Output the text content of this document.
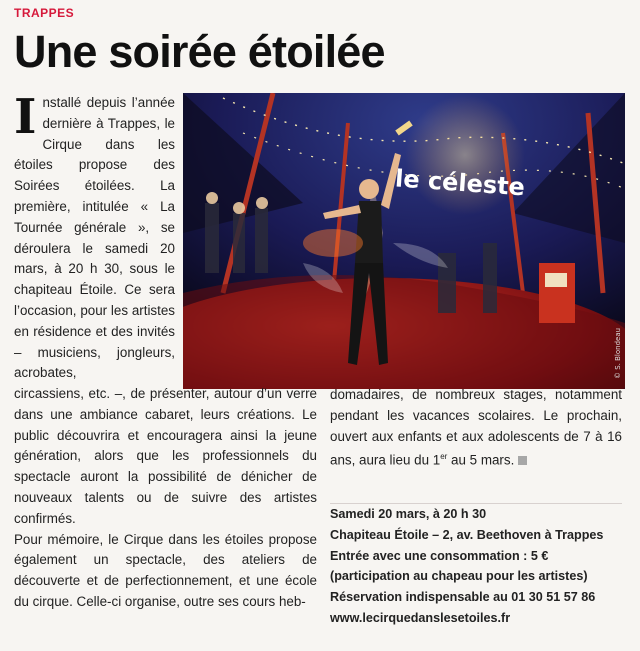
TRAPPES
Une soirée étoilée

Installé depuis l’année dernière à Trappes, le Cirque dans les étoiles propose des Soirées étoilées. La première, intitulée « La Tournée générale », se déroulera le samedi 20 mars, à 20 h 30, sous le chapiteau Étoile. Ce sera l’occasion, pour les artistes en résidence et des invités – musiciens, jongleurs, acrobates,

le céleste
© S. Blondeau

circassiens, etc. –, de présenter, autour d’un verre dans une ambiance cabaret, leurs créations. Le public découvrira et encouragera ainsi la jeune génération, alors que les professionnels du spectacle auront la possibilité de dénicher de nouveaux talents ou de suivre des artistes confirmés.

Pour mémoire, le Cirque dans les étoiles propose également un spectacle, des ateliers de découverte et de perfectionnement, et une école du cirque. Celle-ci organise, outre ses cours heb-

domadaires, de nombreux stages, notamment pendant les vacances scolaires. Le prochain, ouvert aux enfants et aux adolescents de 7 à 16 ans, aura lieu du 1er au 5 mars.

Samedi 20 mars, à 20 h 30
Chapiteau Étoile – 2, av. Beethoven à Trappes
Entrée avec une consommation : 5 €
(participation au chapeau pour les artistes)
Réservation indispensable au 01 30 51 57 86
www.lecirquedanslesetoiles.fr
